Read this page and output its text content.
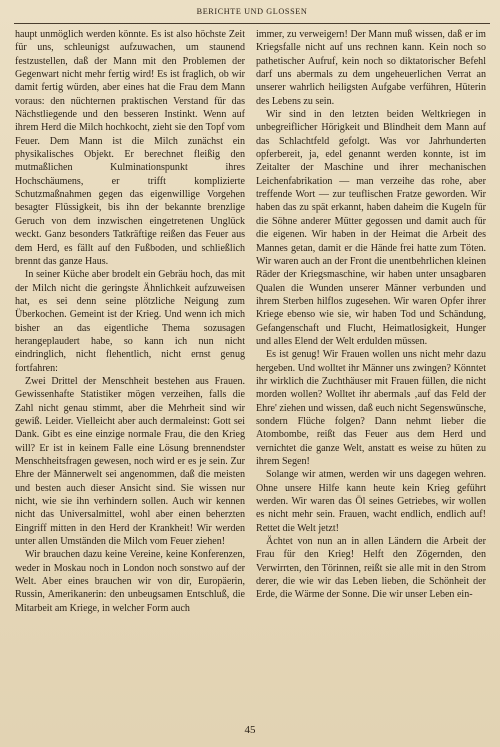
BERICHTE UND GLOSSEN

haupt unmöglich werden könnte. Es ist also höchste Zeit für uns, schleunigst aufzuwachen, um staunend festzustellen, daß der Mann mit den Problemen der Gegenwart nicht mehr fertig wird! Es ist fraglich, ob wir damit fertig würden, aber eines hat die Frau dem Mann voraus: den nüchternen praktischen Verstand für das Nächstliegende und den besseren Instinkt. Wenn auf ihrem Herd die Milch hochkocht, zieht sie den Topf vom Feuer. Dem Mann ist die Milch zunächst ein physikalisches Objekt. Er berechnet fleißig den mutmaßlichen Kulminationspunkt ihres Hochschäumens, er trifft komplizierte Schutzmaßnahmen gegen das eigenwillige Vorgehen besagter Flüssigkeit, bis ihn der bekannte brenzlige Geruch von dem inzwischen eingetretenen Unglück weckt. Ganz besonders Tatkräftige reißen das Feuer aus dem Herd, es fällt auf den Fußboden, und schließlich brennt das ganze Haus.

In seiner Küche aber brodelt ein Gebräu hoch, das mit der Milch nicht die geringste Ähnlichkeit aufzuweisen hat, es sei denn seine plötzliche Neigung zum Überkochen. Gemeint ist der Krieg. Und wenn ich mich bisher an das eigentliche Thema sozusagen herangeplaudert habe, so kann ich nun nicht eindringlich, nicht flehentlich, nicht ernst genug fortfahren:

Zwei Drittel der Menschheit bestehen aus Frauen. Gewissenhafte Statistiker mögen verzeihen, falls die Zahl nicht genau stimmt, aber die Mehrheit sind wir gewiß. Leider. Vielleicht aber auch dermaleinst: Gott sei Dank. Gibt es eine einzige normale Frau, die den Krieg will? Er ist in keinem Falle eine Lösung brennendster Menschheitsfragen gewesen, noch wird er es je sein. Zur Ehre der Männerwelt sei angenommen, daß die meisten und besten auch dieser Ansicht sind. Sie wissen nur nicht, wie sie ihn verhindern sollen. Auch wir kennen nicht das Universalmittel, wohl aber einen beherzten Eingriff mitten in den Herd der Krankheit! Wir werden unter allen Umständen die Milch vom Feuer ziehen!

Wir brauchen dazu keine Vereine, keine Konferenzen, weder in Moskau noch in London noch sonstwo auf der Welt. Aber eines brauchen wir von dir, Europäerin, Russin, Amerikanerin: den unbeugsamen Entschluß, die Mitarbeit am Kriege, in welcher Form auch

immer, zu verweigern! Der Mann muß wissen, daß er im Kriegsfalle nicht auf uns rechnen kann. Kein noch so pathetischer Aufruf, kein noch so diktatorischer Befehl darf uns abermals zu dem ungeheuerlichen Verrat an unserer wahrlich heiligsten Aufgabe verführen, Hüterin des Lebens zu sein.

Wir sind in den letzten beiden Weltkriegen in unbegreiflicher Hörigkeit und Blindheit dem Mann auf das Schlachtfeld gefolgt. Was vor Jahrhunderten opferbereit, ja, edel genannt werden konnte, ist im Zeitalter der Maschine und ihrer mechanischen Leichenfabrikation — man verzeihe das rohe, aber treffende Wort — zur teuflischen Fratze geworden. Wir haben das zu spät erkannt, haben daheim die Kugeln für die Söhne anderer Mütter gegossen und damit auch für die eigenen. Wir haben in der Heimat die Arbeit des Mannes getan, damit er die Hände frei hatte zum Töten. Wir waren auch an der Front die unentbehrlichen kleinen Räder der Kriegsmaschine, wir haben unter unsagbaren Qualen die Wunden unserer Männer verbunden und ihrem Sterben hilflos zugesehen. Wir waren Opfer ihrer Kriege ebenso wie sie, wir haben Tod und Schändung, Gefangenschaft und Flucht, Heimatlosigkeit, Hunger und alles Elend der Welt erdulden müssen.

Es ist genug! Wir Frauen wollen uns nicht mehr dazu hergeben. Und wolltet ihr Männer uns zwingen? Könntet ihr wirklich die Zuchthäuser mit Frauen füllen, die nicht morden wollen? Wolltet ihr abermals ‚auf das Feld der Ehre' ziehen und wissen, daß euch nicht Segenswünsche, sondern Flüche folgen? Dann nehmt lieber die Atombombe, reißt das Feuer aus dem Herd und vernichtet die ganze Welt, anstatt es weise zu hüten zu ihrem Segen!

Solange wir atmen, werden wir uns dagegen wehren. Ohne unsere Hilfe kann heute kein Krieg geführt werden. Wir waren das Öl seines Getriebes, wir wollen es nicht mehr sein. Frauen, wacht endlich, endlich auf! Rettet die Welt jetzt!

Ächtet von nun an in allen Ländern die Arbeit der Frau für den Krieg! Helft den Zögernden, den Verwirrten, den Törinnen, reißt sie alle mit in den Strom derer, die wie wir das Leben lieben, die Schönheit der Erde, die Wärme der Sonne. Die wir unser Leben ein-

45
